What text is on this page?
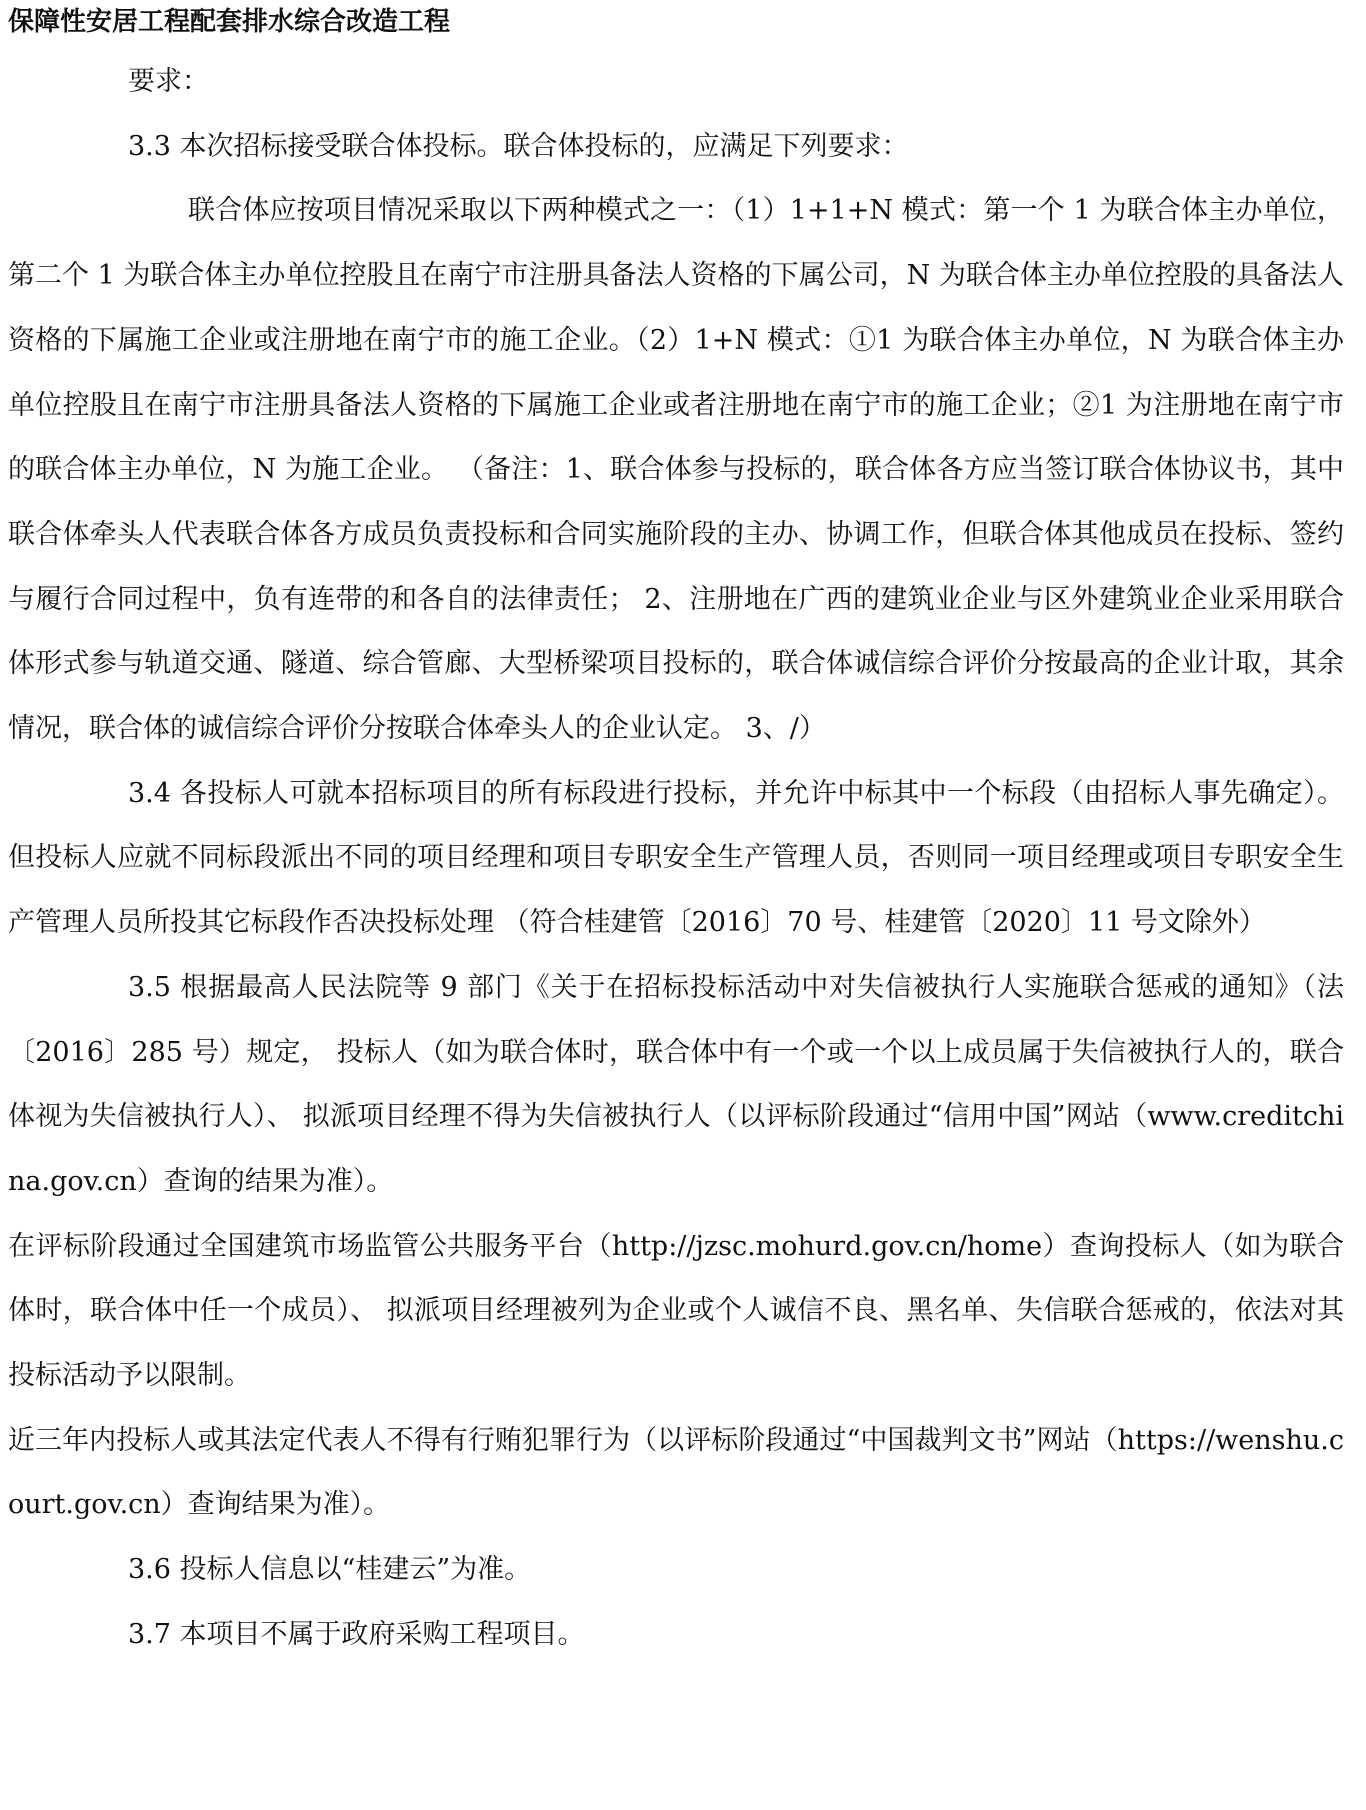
保障性安居工程配套排水综合改造工程

要求：

3.3 本次招标接受联合体投标。联合体投标的，应满足下列要求：

联合体应按项目情况采取以下两种模式之一：（1）1+1+N 模式：第一个 1 为联合体主办单位，第二个 1 为联合体主办单位控股且在南宁市注册具备法人资格的下属公司，N 为联合体主办单位控股的具备法人资格的下属施工企业或注册地在南宁市的施工企业。（2）1+N 模式：①1 为联合体主办单位，N 为联合体主办单位控股且在南宁市注册具备法人资格的下属施工企业或者注册地在南宁市的施工企业；②1 为注册地在南宁市的联合体主办单位，N 为施工企业。 （备注：1、联合体参与投标的，联合体各方应当签订联合体协议书，其中联合体牵头人代表联合体各方成员负责投标和合同实施阶段的主办、协调工作，但联合体其他成员在投标、签约与履行合同过程中，负有连带的和各自的法律责任； 2、注册地在广西的建筑业企业与区外建筑业企业采用联合体形式参与轨道交通、隧道、综合管廊、大型桥梁项目投标的，联合体诚信综合评价分按最高的企业计取，其余情况，联合体的诚信综合评价分按联合体牵头人的企业认定。 3、/）

3.4 各投标人可就本招标项目的所有标段进行投标，并允许中标其中一个标段（由招标人事先确定）。 但投标人应就不同标段派出不同的项目经理和项目专职安全生产管理人员，否则同一项目经理或项目专职安全生产管理人员所投其它标段作否决投标处理 （符合桂建管〔2016〕70 号、桂建管〔2020〕11 号文除外）

3.5 根据最高人民法院等 9 部门《关于在招标投标活动中对失信被执行人实施联合惩戒的通知》（法〔2016〕285 号）规定， 投标人（如为联合体时，联合体中有一个或一个以上成员属于失信被执行人的，联合体视为失信被执行人）、 拟派项目经理不得为失信被执行人（以评标阶段通过“信用中国”网站（www.creditchina.gov.cn）查询的结果为准）。

在评标阶段通过全国建筑市场监管公共服务平台（http://jzsc.mohurd.gov.cn/home）查询投标人（如为联合体时，联合体中任一个成员）、 拟派项目经理被列为企业或个人诚信不良、黑名单、失信联合惩戒的，依法对其投标活动予以限制。

近三年内投标人或其法定代表人不得有行贿犯罪行为（以评标阶段通过“中国裁判文书”网站（https://wenshu.court.gov.cn）查询结果为准）。

3.6 投标人信息以“桂建云”为准。

3.7 本项目不属于政府采购工程项目。
